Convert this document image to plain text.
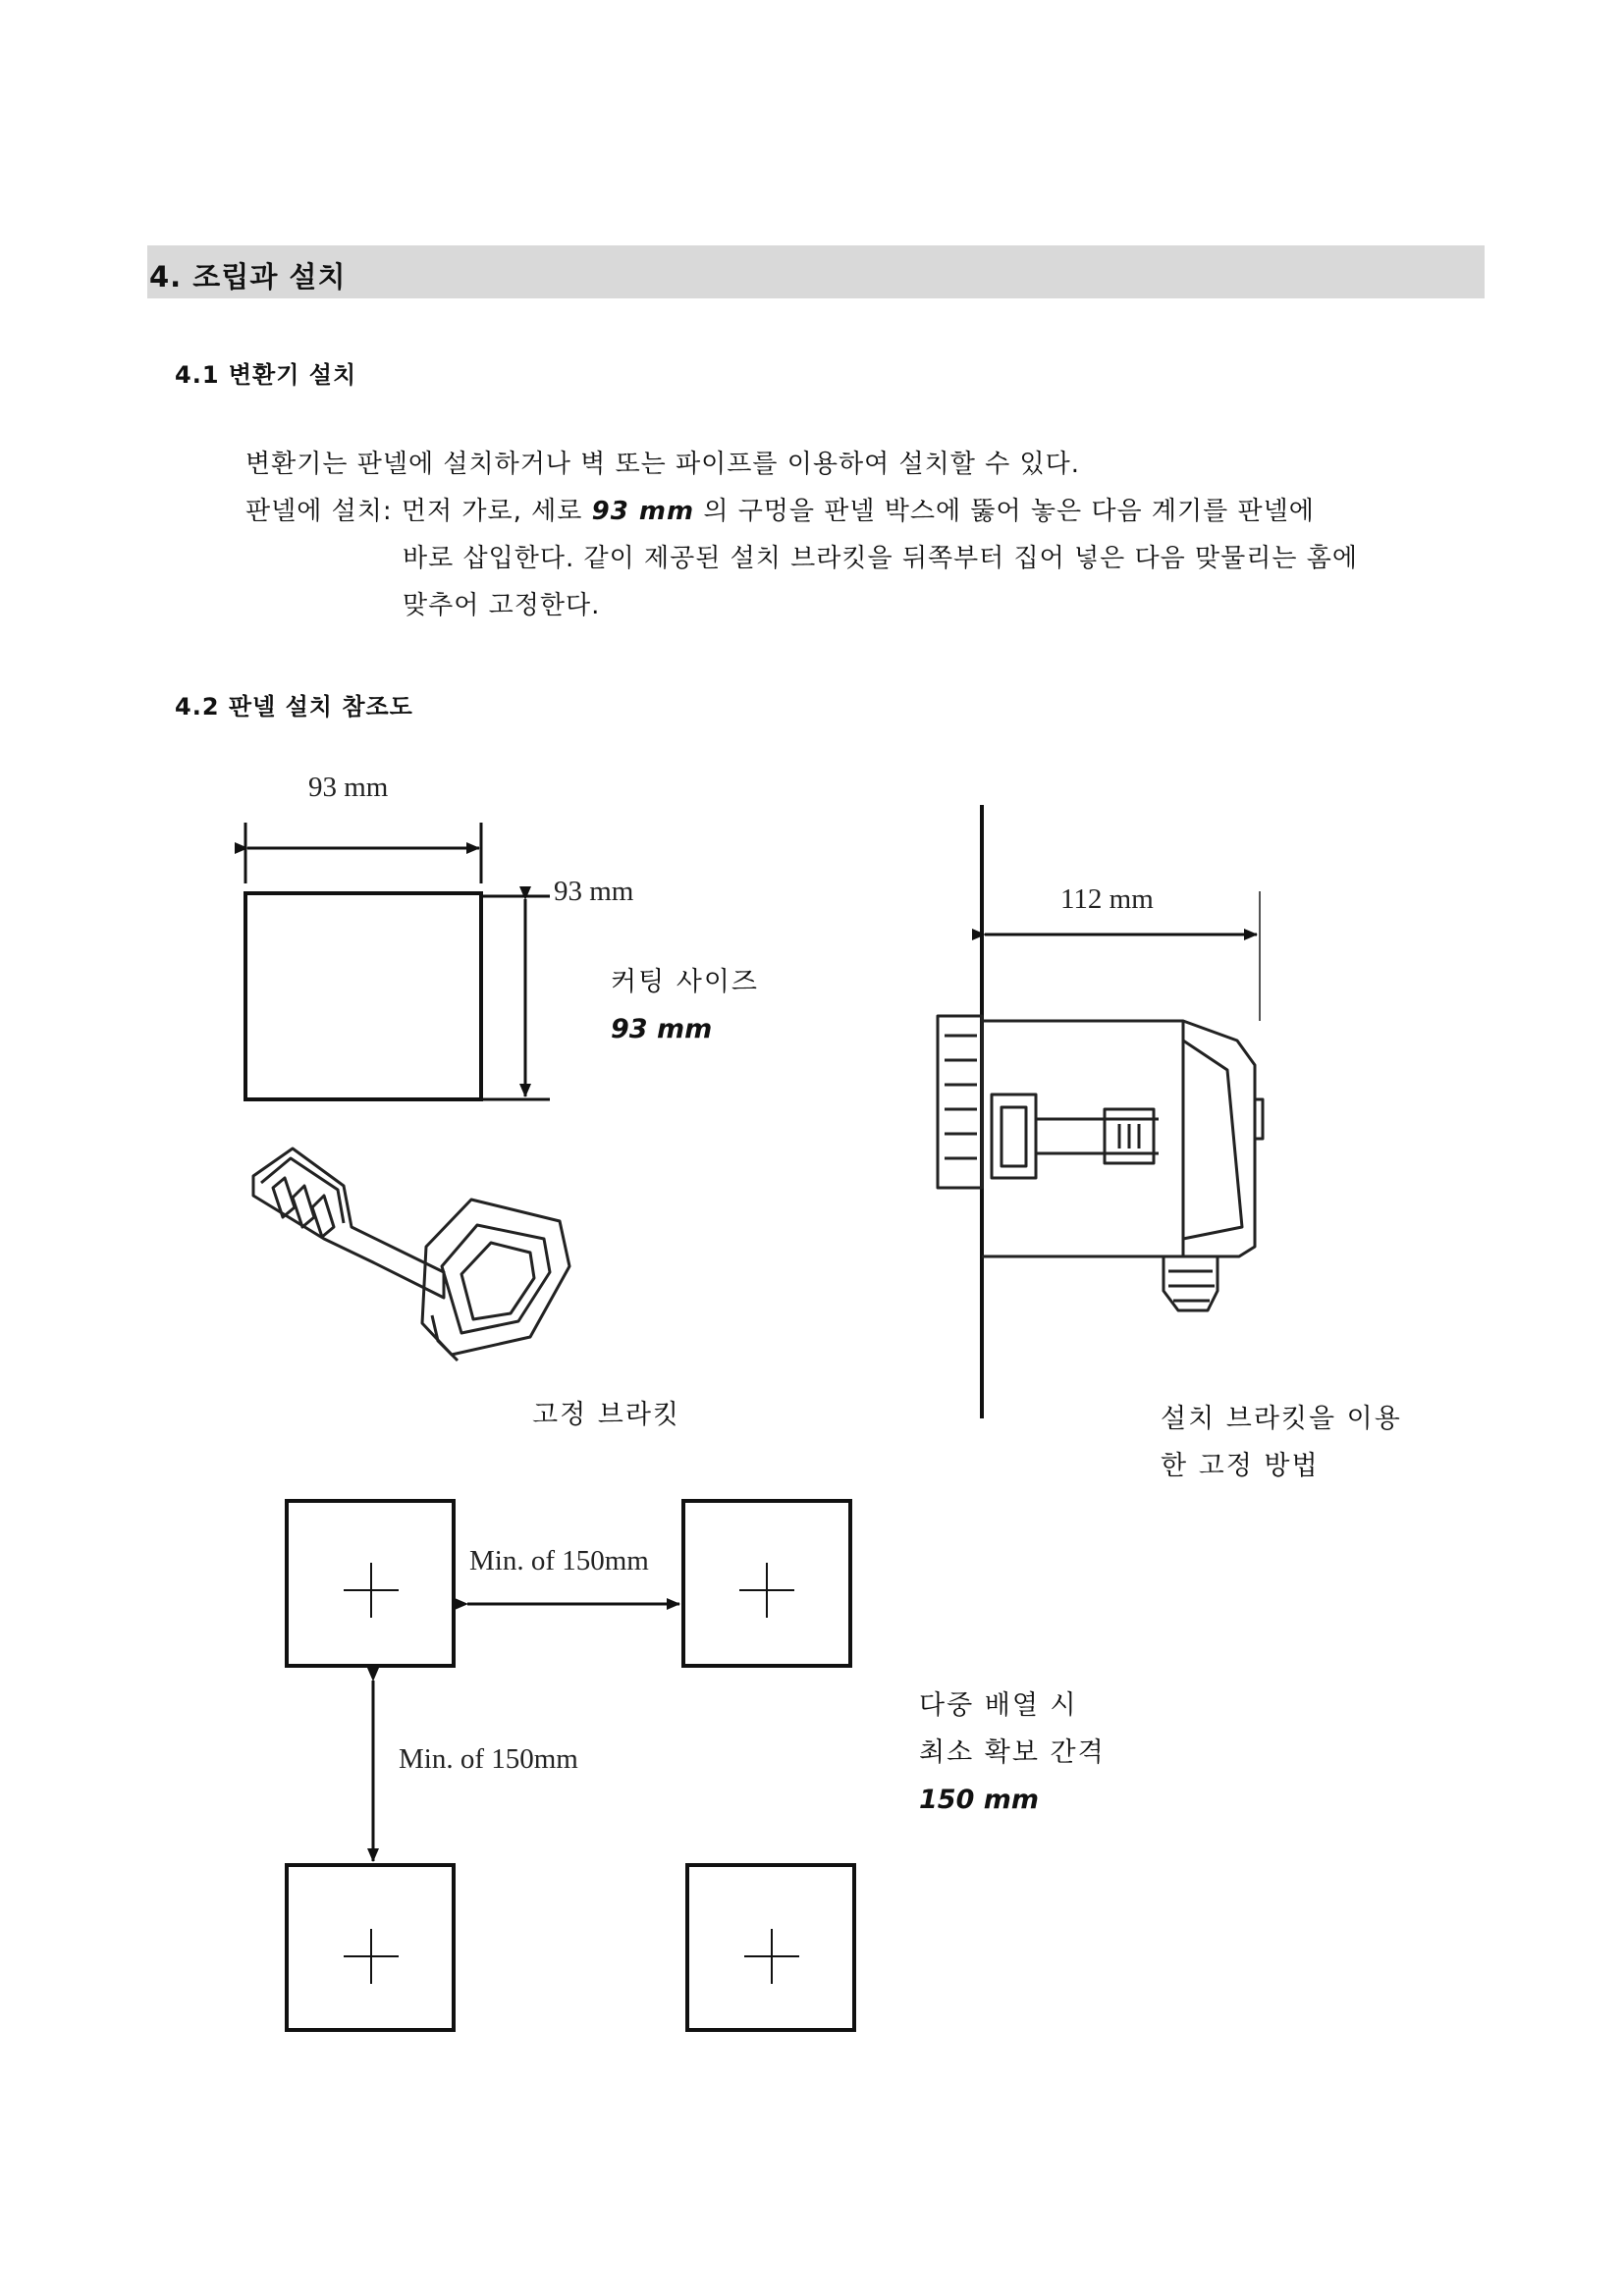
4. 조립과 설치
4.1 변환기 설치
변환기는 판넬에 설치하거나 벽 또는 파이프를 이용하여 설치할 수 있다.
판넬에 설치: 먼저 가로, 세로 93 mm 의 구멍을 판넬 박스에 뚫어 놓은 다음 계기를 판넬에
바로 삽입한다. 같이 제공된 설치 브라킷을 뒤쪽부터 집어 넣은 다음 맞물리는 홈에
맞추어 고정한다.
4.2 판넬 설치 참조도
93 mm
93 mm	112 mm
Min. of 150mm
Min. of 150mm
커팅 사이즈
93 mm
고정 브라킷	설치 브라킷을 이용
한 고정 방법
다중 배열 시
최소 확보 간격
150 mm
